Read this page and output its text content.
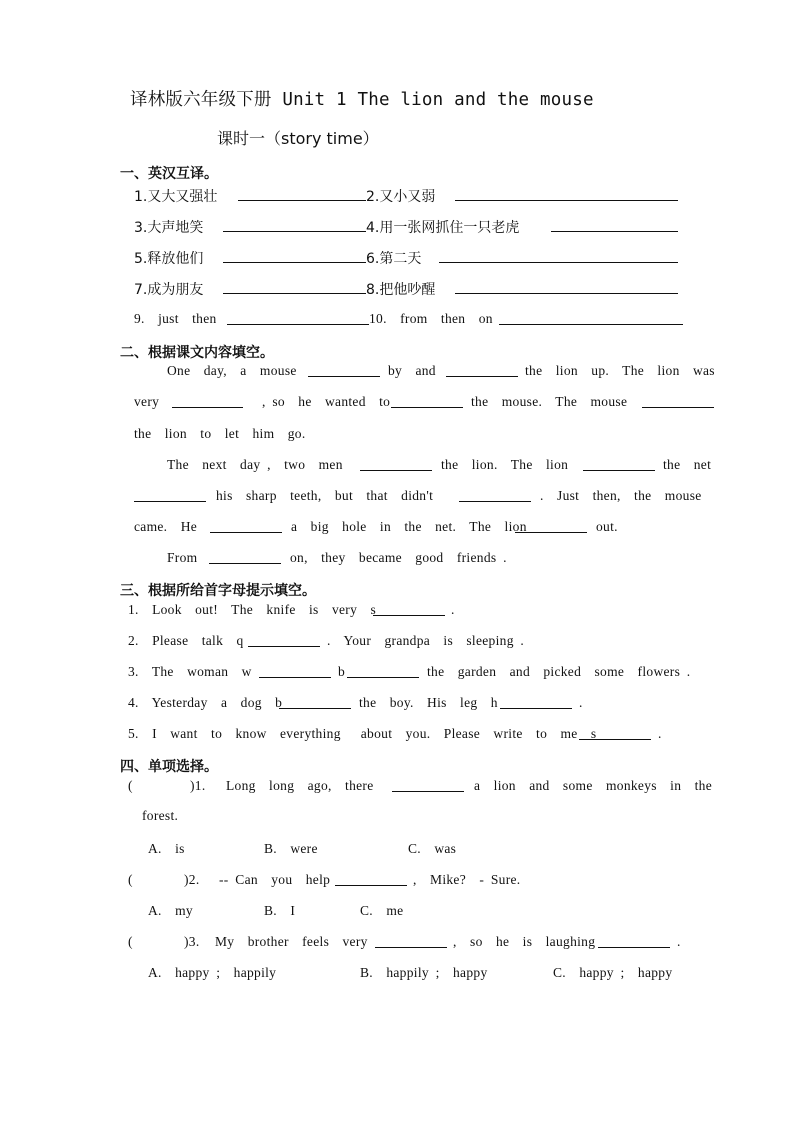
译林版六年级下册 Unit 1 The lion and the mouse
课时一（story time）
一、英汉互译。
1.又大又强壮	2.又小又弱
3.大声地笑	4.用一张网抓住一只老虎
5.释放他们	6.第二天
7.成为朋友	8.把他吵醒
9.  just  then	10.  from  then  on
二、根据课文内容填空。
One  day,  a  mouse	by  and	the  lion  up.  The  lion  was
very	, so  he  wanted  to	the  mouse.  The  mouse
the  lion  to  let  him  go.
The  next  day ,  two  men	the  lion.  The  lion	the  net
his  sharp  teeth,  but  that  didn't	.  Just  then,  the  mouse
came.  He	a  big  hole  in  the  net.  The  lion	out.
From	on,  they  became  good  friends .
三、根据所给首字母提示填空。
1.  Look  out!  The  knife  is  very  s	.
2.  Please  talk  q	.  Your  grandpa  is  sleeping .
3.  The  woman  w	b	the  garden  and  picked  some  flowers .
4.  Yesterday  a  dog  b	the  boy.  His  leg  h	.
5.  I  want  to  know  everything   about  you.  Please  write  to  me  s	.
四、单项选择。
(	)1. Long  long  ago,  there	a  lion  and  some  monkeys  in  the
forest.
A.  is	B.  were	C.  was
(	)2. -- Can  you  help	,  Mike?  - Sure.
A.  my	B.  I	C.  me
(	)3. My  brother  feels  very	,  so  he  is  laughing	.
A.  happy ;  happily	B.  happily ;  happy	C.  happy ;  happy
